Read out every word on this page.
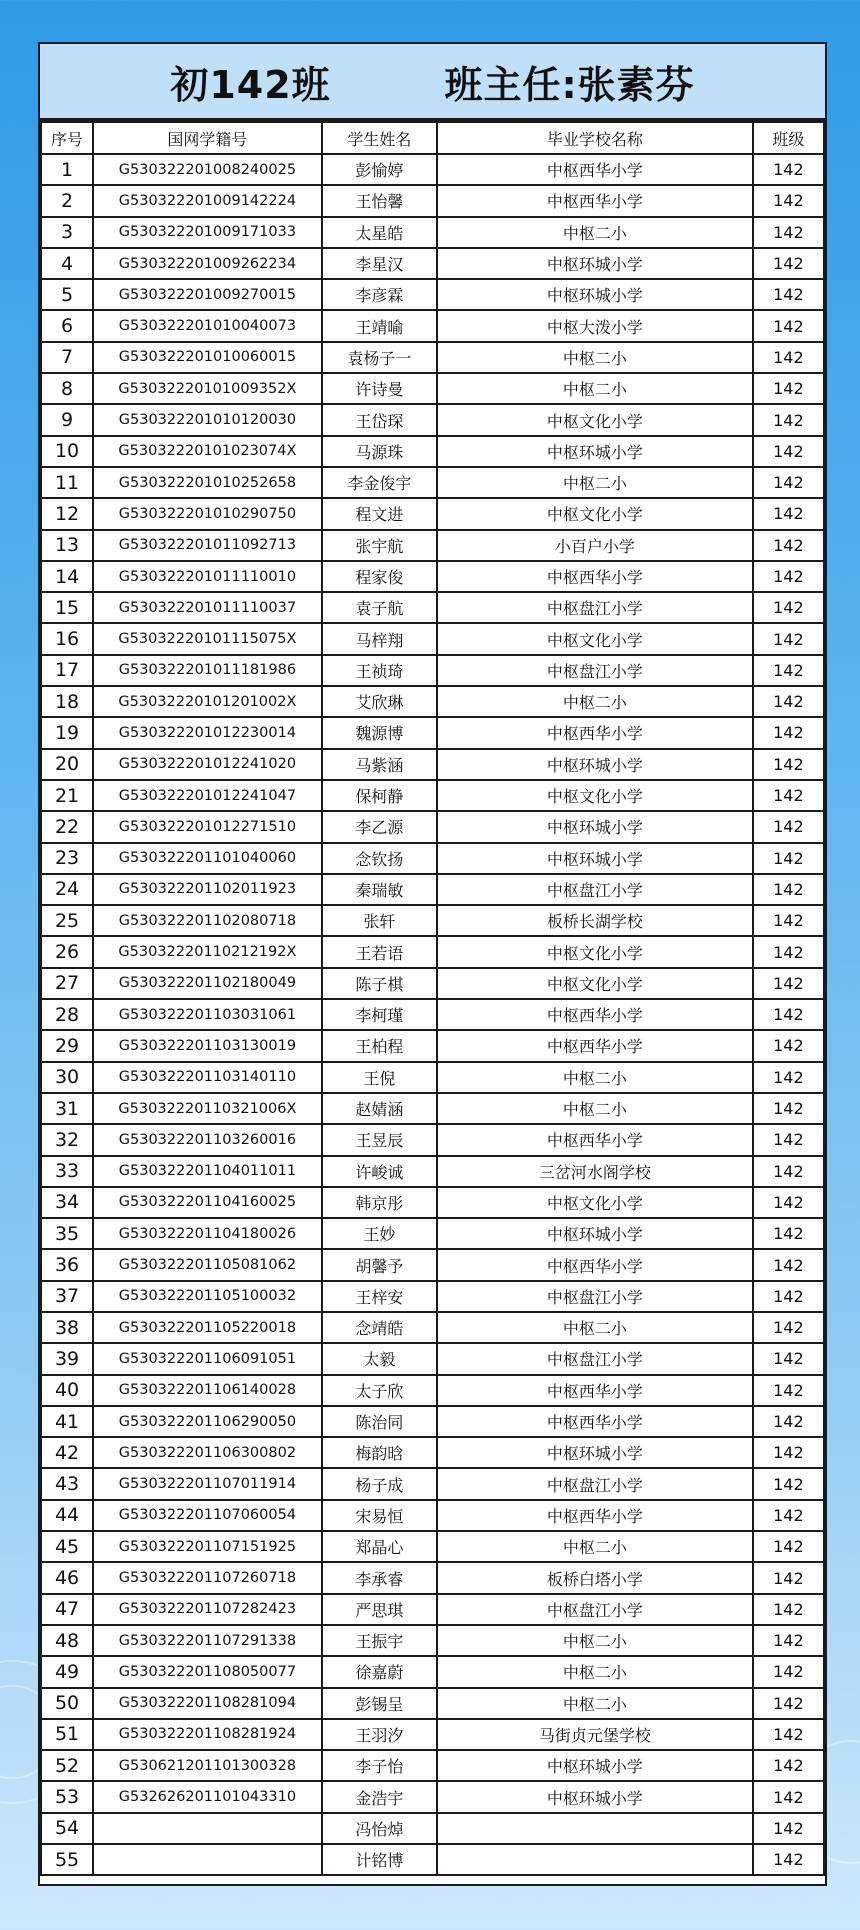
初142班        班主任:张素芬
序号	国网学籍号	学生姓名	毕业学校名称	班级
1	G530322201008240025	彭愉婷	中枢西华小学	142
2	G530322201009142224	王怡馨	中枢西华小学	142
3	G530322201009171033	太星皓	中枢二小	142
4	G530322201009262234	李星汉	中枢环城小学	142
5	G530322201009270015	李彦霖	中枢环城小学	142
6	G530322201010040073	王靖喻	中枢大泼小学	142
7	G530322201010060015	袁杨子一	中枢二小	142
8	G53032220101009352X	许诗曼	中枢二小	142
9	G530322201010120030	王岱琛	中枢文化小学	142
10	G53032220101023074X	马源珠	中枢环城小学	142
11	G530322201010252658	李金俊宇	中枢二小	142
12	G530322201010290750	程文进	中枢文化小学	142
13	G530322201011092713	张宇航	小百户小学	142
14	G530322201011110010	程家俊	中枢西华小学	142
15	G530322201011110037	袁子航	中枢盘江小学	142
16	G53032220101115075X	马梓翔	中枢文化小学	142
17	G530322201011181986	王祯琦	中枢盘江小学	142
18	G53032220101201002X	艾欣琳	中枢二小	142
19	G530322201012230014	魏源博	中枢西华小学	142
20	G530322201012241020	马紫涵	中枢环城小学	142
21	G530322201012241047	保柯静	中枢文化小学	142
22	G530322201012271510	李乙源	中枢环城小学	142
23	G530322201101040060	念钦扬	中枢环城小学	142
24	G530322201102011923	秦瑞敏	中枢盘江小学	142
25	G530322201102080718	张轩	板桥长湖学校	142
26	G53032220110212192X	王若语	中枢文化小学	142
27	G530322201102180049	陈子棋	中枢文化小学	142
28	G530322201103031061	李柯瑾	中枢西华小学	142
29	G530322201103130019	王柏程	中枢西华小学	142
30	G530322201103140110	王倪	中枢二小	142
31	G53032220110321006X	赵婧涵	中枢二小	142
32	G530322201103260016	王昱辰	中枢西华小学	142
33	G530322201104011011	许峻诚	三岔河水阁学校	142
34	G530322201104160025	韩京彤	中枢文化小学	142
35	G530322201104180026	王妙	中枢环城小学	142
36	G530322201105081062	胡馨予	中枢西华小学	142
37	G530322201105100032	王梓安	中枢盘江小学	142
38	G530322201105220018	念靖皓	中枢二小	142
39	G530322201106091051	太毅	中枢盘江小学	142
40	G530322201106140028	太子欣	中枢西华小学	142
41	G530322201106290050	陈治同	中枢西华小学	142
42	G530322201106300802	梅韵晗	中枢环城小学	142
43	G530322201107011914	杨子成	中枢盘江小学	142
44	G530322201107060054	宋易恒	中枢西华小学	142
45	G530322201107151925	郑晶心	中枢二小	142
46	G530322201107260718	李承睿	板桥白塔小学	142
47	G530322201107282423	严思琪	中枢盘江小学	142
48	G530322201107291338	王振宇	中枢二小	142
49	G530322201108050077	徐嘉蔚	中枢二小	142
50	G530322201108281094	彭锡呈	中枢二小	142
51	G530322201108281924	王羽汐	马街贞元堡学校	142
52	G530621201101300328	李子怡	中枢环城小学	142
53	G532626201101043310	金浩宇	中枢环城小学	142
54		冯怡焯		142
55		计铭博		142
